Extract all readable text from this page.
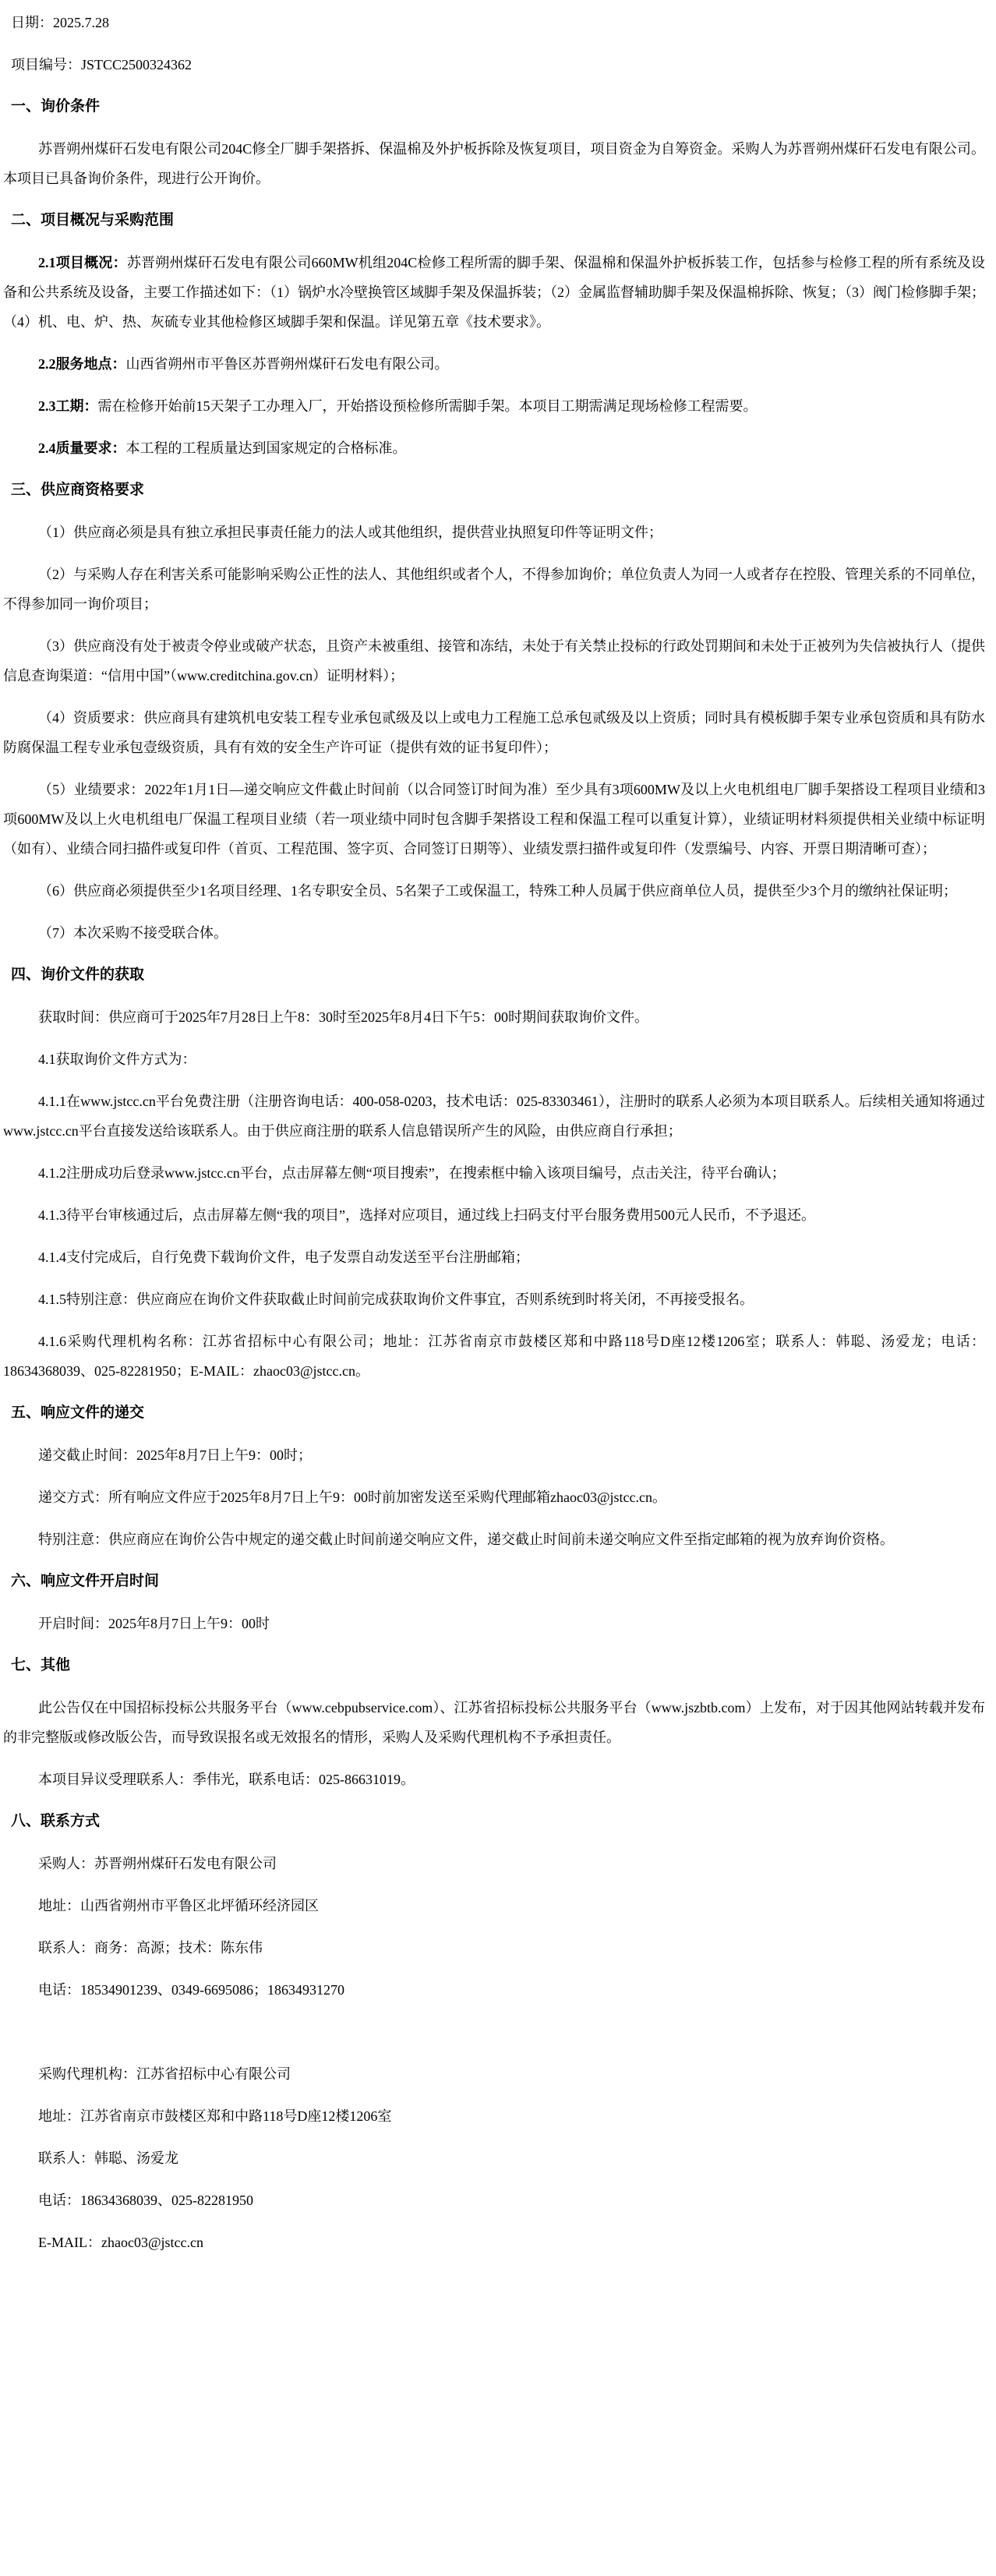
日期：2025.7.28

项目编号：JSTCC2500324362

一、询价条件

苏晋朔州煤矸石发电有限公司204C修全厂脚手架搭拆、保温棉及外护板拆除及恢复项目，项目资金为自筹资金。采购人为苏晋朔州煤矸石发电有限公司。本项目已具备询价条件，现进行公开询价。

二、项目概况与采购范围

2.1项目概况：苏晋朔州煤矸石发电有限公司660MW机组204C检修工程所需的脚手架、保温棉和保温外护板拆装工作，包括参与检修工程的所有系统及设备和公共系统及设备，主要工作描述如下：（1）锅炉水冷壁换管区域脚手架及保温拆装；（2）金属监督辅助脚手架及保温棉拆除、恢复；（3）阀门检修脚手架；（4）机、电、炉、热、灰硫专业其他检修区域脚手架和保温。详见第五章《技术要求》。

2.2服务地点：山西省朔州市平鲁区苏晋朔州煤矸石发电有限公司。

2.3工期：需在检修开始前15天架子工办理入厂，开始搭设预检修所需脚手架。本项目工期需满足现场检修工程需要。

2.4质量要求：本工程的工程质量达到国家规定的合格标准。

三、供应商资格要求

（1）供应商必须是具有独立承担民事责任能力的法人或其他组织，提供营业执照复印件等证明文件；

（2）与采购人存在利害关系可能影响采购公正性的法人、其他组织或者个人，不得参加询价；单位负责人为同一人或者存在控股、管理关系的不同单位，不得参加同一询价项目；

（3）供应商没有处于被责令停业或破产状态，且资产未被重组、接管和冻结，未处于有关禁止投标的行政处罚期间和未处于正被列为失信被执行人（提供信息查询渠道：“信用中国”（www.creditchina.gov.cn）证明材料）；

（4）资质要求：供应商具有建筑机电安装工程专业承包贰级及以上或电力工程施工总承包贰级及以上资质；同时具有模板脚手架专业承包资质和具有防水防腐保温工程专业承包壹级资质，具有有效的安全生产许可证（提供有效的证书复印件）；

（5）业绩要求：2022年1月1日—递交响应文件截止时间前（以合同签订时间为准）至少具有3项600MW及以上火电机组电厂脚手架搭设工程项目业绩和3项600MW及以上火电机组电厂保温工程项目业绩（若一项业绩中同时包含脚手架搭设工程和保温工程可以重复计算），业绩证明材料须提供相关业绩中标证明（如有）、业绩合同扫描件或复印件（首页、工程范围、签字页、合同签订日期等）、业绩发票扫描件或复印件（发票编号、内容、开票日期清晰可查）；

（6）供应商必须提供至少1名项目经理、1名专职安全员、5名架子工或保温工，特殊工种人员属于供应商单位人员，提供至少3个月的缴纳社保证明；

（7）本次采购不接受联合体。

四、询价文件的获取

获取时间：供应商可于2025年7月28日上午8：30时至2025年8月4日下午5：00时期间获取询价文件。

4.1获取询价文件方式为：

4.1.1在www.jstcc.cn平台免费注册（注册咨询电话：400-058-0203，技术电话：025-83303461），注册时的联系人必须为本项目联系人。后续相关通知将通过www.jstcc.cn平台直接发送给该联系人。由于供应商注册的联系人信息错误所产生的风险，由供应商自行承担；

4.1.2注册成功后登录www.jstcc.cn平台，点击屏幕左侧“项目搜索”，在搜索框中输入该项目编号，点击关注，待平台确认；

4.1.3待平台审核通过后，点击屏幕左侧“我的项目”，选择对应项目，通过线上扫码支付平台服务费用500元人民币，不予退还。

4.1.4支付完成后，自行免费下载询价文件，电子发票自动发送至平台注册邮箱；

4.1.5特别注意：供应商应在询价文件获取截止时间前完成获取询价文件事宜，否则系统到时将关闭，不再接受报名。

4.1.6采购代理机构名称：江苏省招标中心有限公司；地址：江苏省南京市鼓楼区郑和中路118号D座12楼1206室；联系人：韩聪、汤爱龙；电话：18634368039、025-82281950；E-MAIL：zhaoc03@jstcc.cn。

五、响应文件的递交

递交截止时间：2025年8月7日上午9：00时；

递交方式：所有响应文件应于2025年8月7日上午9：00时前加密发送至采购代理邮箱zhaoc03@jstcc.cn。

特别注意：供应商应在询价公告中规定的递交截止时间前递交响应文件，递交截止时间前未递交响应文件至指定邮箱的视为放弃询价资格。

六、响应文件开启时间

开启时间：2025年8月7日上午9：00时

七、其他

此公告仅在中国招标投标公共服务平台（www.cebpubservice.com）、江苏省招标投标公共服务平台（www.jszbtb.com）上发布，对于因其他网站转载并发布的非完整版或修改版公告，而导致误报名或无效报名的情形，采购人及采购代理机构不予承担责任。

本项目异议受理联系人：季伟光，联系电话：025-86631019。

八、联系方式

采购人：苏晋朔州煤矸石发电有限公司

地址：山西省朔州市平鲁区北坪循环经济园区

联系人：商务：高源；技术：陈东伟

电话：18534901239、0349-6695086；18634931270

采购代理机构：江苏省招标中心有限公司

地址：江苏省南京市鼓楼区郑和中路118号D座12楼1206室

联系人：韩聪、汤爱龙

电话：18634368039、025-82281950

E-MAIL：zhaoc03@jstcc.cn
